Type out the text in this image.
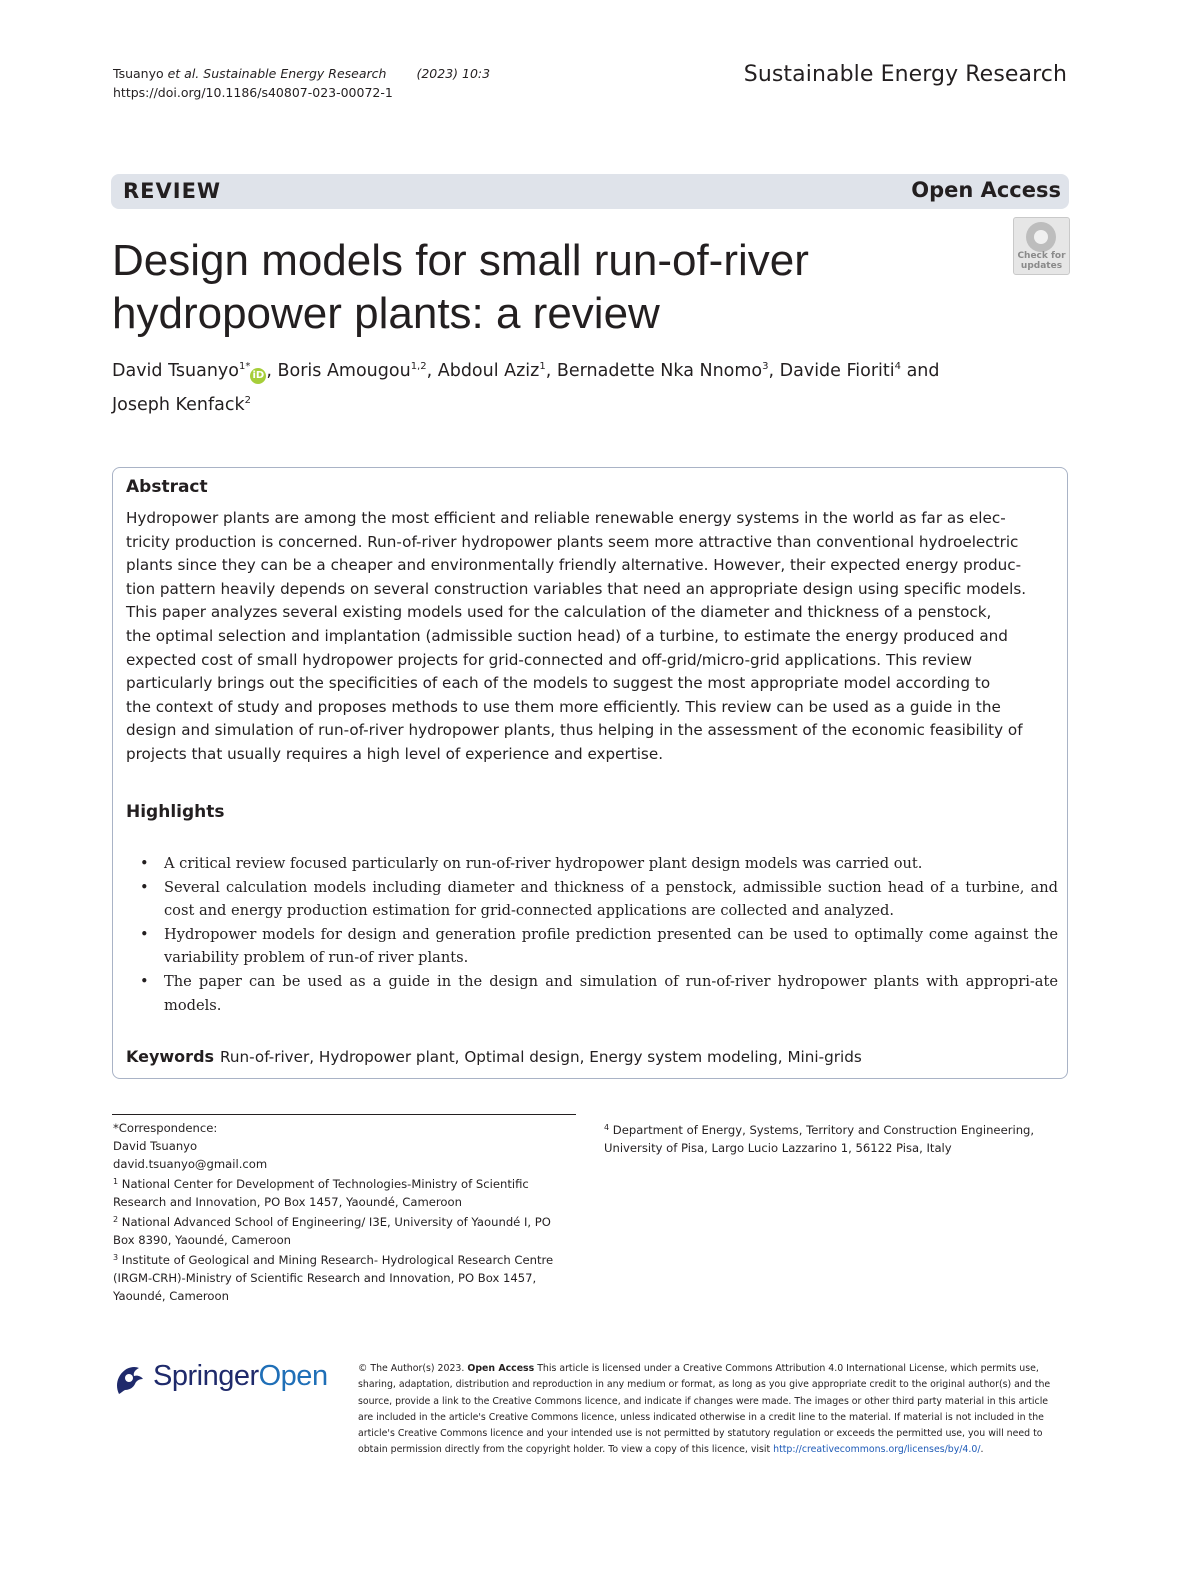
Tsuanyo et al. Sustainable Energy Research (2023) 10:3
https://doi.org/10.1186/s40807-023-00072-1
Sustainable Energy Research
REVIEW	Open Access
Check for
updates
Design models for small run-of-river hydropower plants: a review
David Tsuanyo$^{1*}$iD , Boris Amougou$^{1,2}$, Abdoul Aziz$^1$, Bernadette Nka Nnomo$^3$, Davide Fioriti$^4$ and
Joseph Kenfack$^2$
Abstract
Hydropower plants are among the most efficient and reliable renewable energy systems in the world as far as elec-
tricity production is concerned. Run-of-river hydropower plants seem more attractive than conventional hydroelectric
plants since they can be a cheaper and environmentally friendly alternative. However, their expected energy produc-
tion pattern heavily depends on several construction variables that need an appropriate design using specific models.
This paper analyzes several existing models used for the calculation of the diameter and thickness of a penstock,
the optimal selection and implantation (admissible suction head) of a turbine, to estimate the energy produced and
expected cost of small hydropower projects for grid-connected and off-grid/micro-grid applications. This review
particularly brings out the specificities of each of the models to suggest the most appropriate model according to
the context of study and proposes methods to use them more efficiently. This review can be used as a guide in the
design and simulation of run-of-river hydropower plants, thus helping in the assessment of the economic feasibility of
projects that usually requires a high level of experience and expertise.
Highlights
• A critical review focused particularly on run-of-river hydropower plant design models was carried out.
• Several calculation models including diameter and thickness of a penstock, admissible suction head of a turbine, and cost and energy production estimation for grid-connected applications are collected and analyzed.
• Hydropower models for design and generation profile prediction presented can be used to optimally come against the variability problem of run-of river plants.
• The paper can be used as a guide in the design and simulation of run-of-river hydropower plants with appropri-ate models.
Keywords Run-of-river, Hydropower plant, Optimal design, Energy system modeling, Mini-grids
*Correspondence:
David Tsuanyo
david.tsuanyo@gmail.com
$^1$ National Center for Development of Technologies-Ministry of Scientific Research and Innovation, PO Box 1457, Yaoundé, Cameroon
$^2$ National Advanced School of Engineering/ I3E, University of Yaoundé I, PO Box 8390, Yaoundé, Cameroon
$^3$ Institute of Geological and Mining Research- Hydrological Research Centre (IRGM-CRH)-Ministry of Scientific Research and Innovation, PO Box 1457, Yaoundé, Cameroon
$^4$ Department of Energy, Systems, Territory and Construction Engineering, University of Pisa, Largo Lucio Lazzarino 1, 56122 Pisa, Italy
SpringerOpen	© The Author(s) 2023. Open Access This article is licensed under a Creative Commons Attribution 4.0 International License, which permits use, sharing, adaptation, distribution and reproduction in any medium or format, as long as you give appropriate credit to the original author(s) and the source, provide a link to the Creative Commons licence, and indicate if changes were made. The images or other third party material in this article are included in the article's Creative Commons licence, unless indicated otherwise in a credit line to the material. If material is not included in the article's Creative Commons licence and your intended use is not permitted by statutory regulation or exceeds the permitted use, you will need to obtain permission directly from the copyright holder. To view a copy of this licence, visit http://creativecommons.org/licenses/by/4.0/.
